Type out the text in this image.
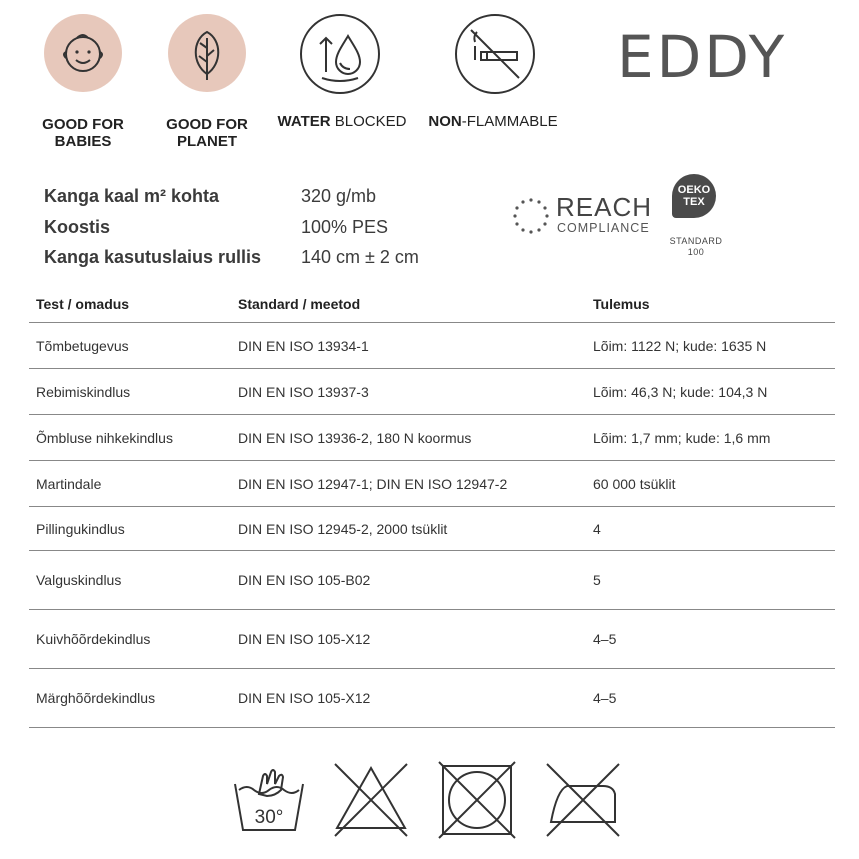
GOOD FOR
BABIES
GOOD FOR
PLANET
WATER BLOCKED	NON-FLAMMABLE
EDDY
Kanga kaal m² kohta	320 g/mb
Koostis	100% PES
Kanga kasutuslaius rullis 140 cm ± 2 cm
REACH
COMPLIANCE
OEKO
TEX
STANDARD
100
Test / omadus	Standard / meetod	Tulemus
Tõmbetugevus	DIN EN ISO 13934-1	Lõim: 1122 N; kude: 1635 N
Rebimiskindlus	DIN EN ISO 13937-3	Lõim: 46,3 N; kude: 104,3 N
Õmbluse nihkekindlus	DIN EN ISO 13936-2, 180 N koormus	Lõim: 1,7 mm; kude: 1,6 mm
Martindale	DIN EN ISO 12947-1; DIN EN ISO 12947-2	60 000 tsüklit
Pillingukindlus	DIN EN ISO 12945-2, 2000 tsüklit	4
Valguskindlus	DIN EN ISO 105-B02	5
Kuivhõõrdekindlus	DIN EN ISO 105-X12	4–5
Märghõõrdekindlus	DIN EN ISO 105-X12	4–5
30°
